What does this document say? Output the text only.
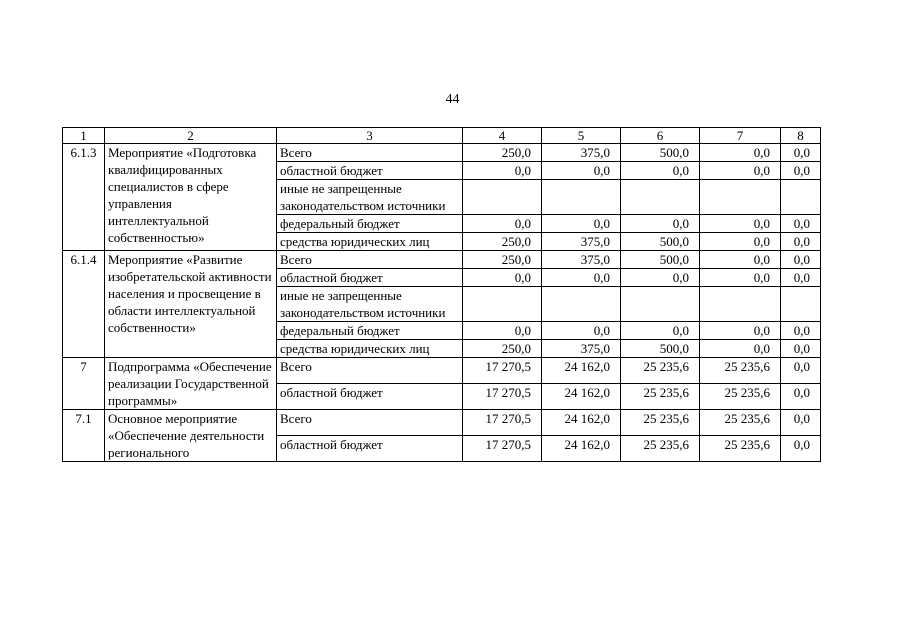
44
1	2	3	4	5	6	7	8
6.1.3	Мероприятие «Подготовка квалифицированных специалистов в сфере управления интеллектуальной собственностью»	Всего	250,0	375,0	500,0	0,0	0,0
		областной бюджет	0,0	0,0	0,0	0,0	0,0
		иные не запрещенные законодательством источники					
		федеральный бюджет	0,0	0,0	0,0	0,0	0,0
		средства юридических лиц	250,0	375,0	500,0	0,0	0,0
6.1.4	Мероприятие «Развитие изобретательской активности населения и просвещение в области интеллектуальной собственности»	Всего	250,0	375,0	500,0	0,0	0,0
		областной бюджет	0,0	0,0	0,0	0,0	0,0
		иные не запрещенные законодательством источники					
		федеральный бюджет	0,0	0,0	0,0	0,0	0,0
		средства юридических лиц	250,0	375,0	500,0	0,0	0,0
7	Подпрограмма «Обеспечение реализации Государственной программы»	Всего	17 270,5	24 162,0	25 235,6	25 235,6	0,0
		областной бюджет	17 270,5	24 162,0	25 235,6	25 235,6	0,0
7.1	Основное мероприятие «Обеспечение деятельности регионального	Всего	17 270,5	24 162,0	25 235,6	25 235,6	0,0
		областной бюджет	17 270,5	24 162,0	25 235,6	25 235,6	0,0
